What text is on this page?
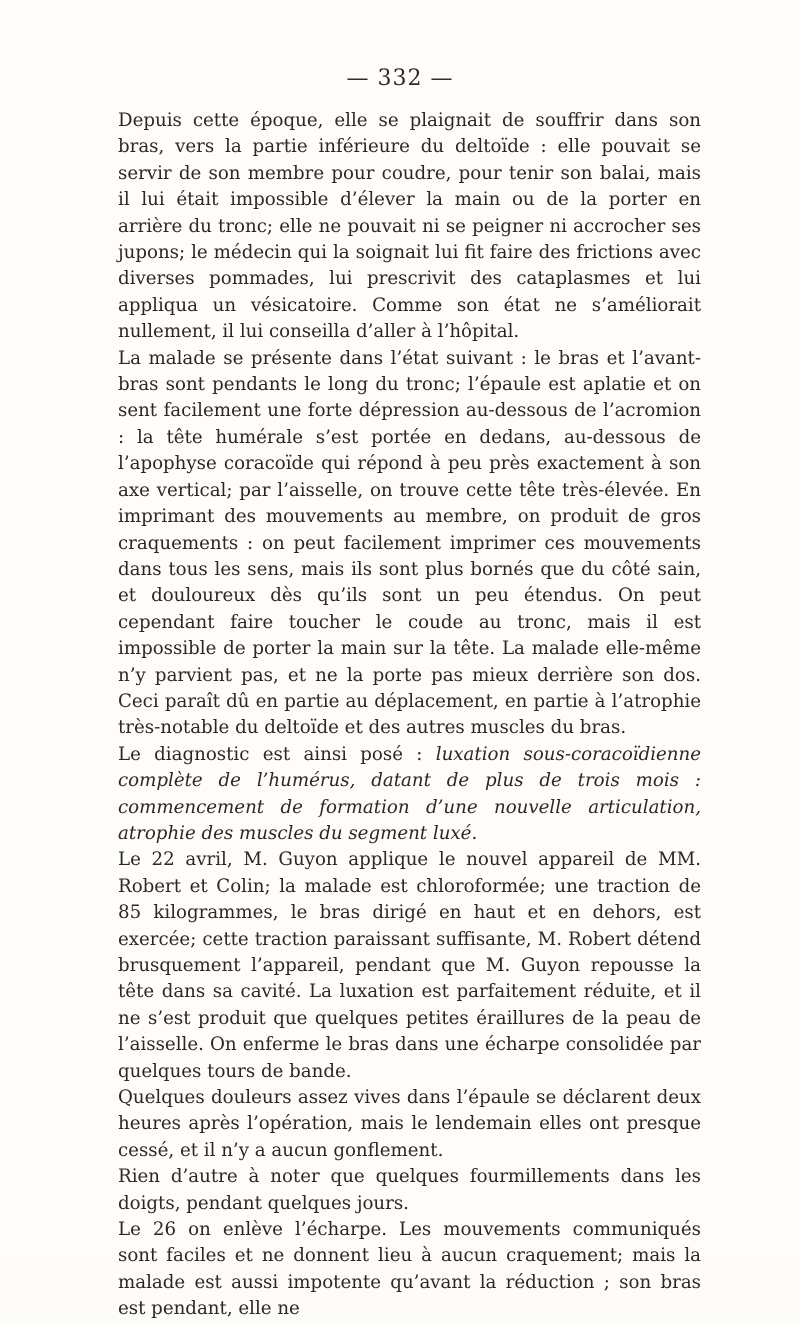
— 332 —

Depuis cette époque, elle se plaignait de souffrir dans son bras, vers la partie inférieure du deltoïde : elle pouvait se servir de son membre pour coudre, pour tenir son balai, mais il lui était impossible d’élever la main ou de la porter en arrière du tronc; elle ne pouvait ni se peigner ni accrocher ses jupons; le médecin qui la soignait lui fit faire des frictions avec diverses pommades, lui prescrivit des cataplasmes et lui appliqua un vésicatoire. Comme son état ne s’améliorait nullement, il lui conseilla d’aller à l’hôpital.

La malade se présente dans l’état suivant : le bras et l’avant-bras sont pendants le long du tronc; l’épaule est aplatie et on sent facilement une forte dépression au-dessous de l’acromion : la tête humérale s’est portée en dedans, au-dessous de l’apophyse coracoïde qui répond à peu près exactement à son axe vertical; par l’aisselle, on trouve cette tête très-élevée. En imprimant des mouvements au membre, on produit de gros craquements : on peut facilement imprimer ces mouvements dans tous les sens, mais ils sont plus bornés que du côté sain, et douloureux dès qu’ils sont un peu étendus. On peut cependant faire toucher le coude au tronc, mais il est impossible de porter la main sur la tête. La malade elle-même n’y parvient pas, et ne la porte pas mieux derrière son dos. Ceci paraît dû en partie au déplacement, en partie à l’atrophie très-notable du deltoïde et des autres muscles du bras.

Le diagnostic est ainsi posé : luxation sous-coracoïdienne complète de l’humérus, datant de plus de trois mois : commencement de formation d’une nouvelle articulation, atrophie des muscles du segment luxé.

Le 22 avril, M. Guyon applique le nouvel appareil de MM. Robert et Colin; la malade est chloroformée; une traction de 85 kilogrammes, le bras dirigé en haut et en dehors, est exercée; cette traction paraissant suffisante, M. Robert détend brusquement l’appareil, pendant que M. Guyon repousse la tête dans sa cavité. La luxation est parfaitement réduite, et il ne s’est produit que quelques petites éraillures de la peau de l’aisselle. On enferme le bras dans une écharpe consolidée par quelques tours de bande.

Quelques douleurs assez vives dans l’épaule se déclarent deux heures après l’opération, mais le lendemain elles ont presque cessé, et il n’y a aucun gonflement.

Rien d’autre à noter que quelques fourmillements dans les doigts, pendant quelques jours.

Le 26 on enlève l’écharpe. Les mouvements communiqués sont faciles et ne donnent lieu à aucun craquement; mais la malade est aussi impotente qu’avant la réduction ; son bras est pendant, elle ne
